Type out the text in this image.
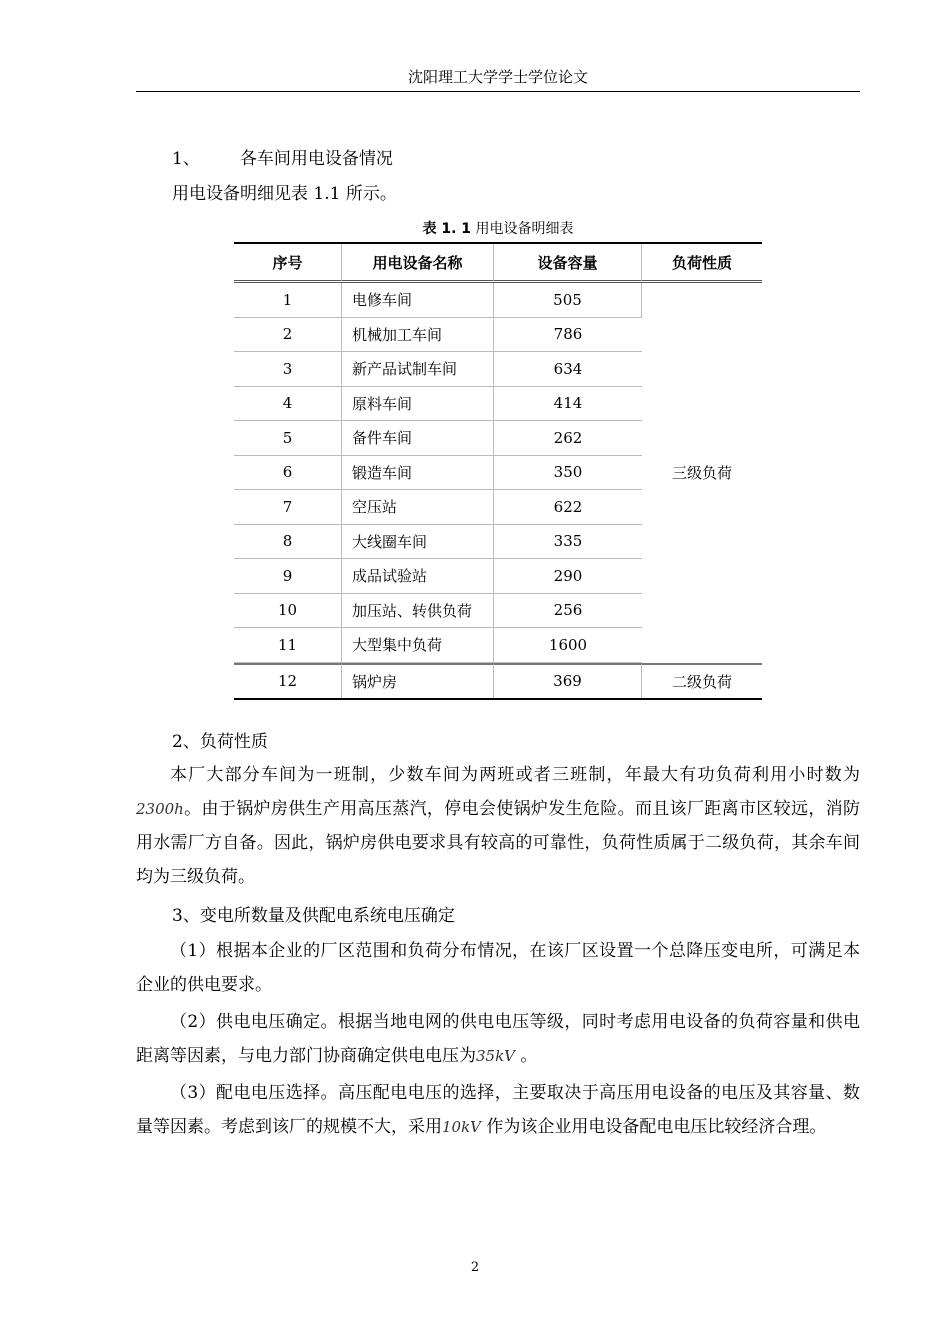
沈阳理工大学学士学位论文
1、 各车间用电设备情况
用电设备明细见表 1.1 所示。
表 1. 1 用电设备明细表
序号	用电设备名称	设备容量	负荷性质
1	电修车间	505	三级负荷
2	机械加工车间	786	
3	新产品试制车间	634	
4	原料车间	414	
5	备件车间	262	
6	锻造车间	350	
7	空压站	622	
8	大线圈车间	335	
9	成品试验站	290	
10	加压站、转供负荷	256	
11	大型集中负荷	1600	
12	锅炉房	369	二级负荷
2、负荷性质
本厂大部分车间为一班制，少数车间为两班或者三班制，年最大有功负荷利用小时数为2300h。由于锅炉房供生产用高压蒸汽，停电会使锅炉发生危险。而且该厂距离市区较远，消防用水需厂方自备。因此，锅炉房供电要求具有较高的可靠性，负荷性质属于二级负荷，其余车间均为三级负荷。
3、变电所数量及供配电系统电压确定
（1）根据本企业的厂区范围和负荷分布情况，在该厂区设置一个总降压变电所，可满足本企业的供电要求。
（2）供电电压确定。根据当地电网的供电电压等级，同时考虑用电设备的负荷容量和供电距离等因素，与电力部门协商确定供电电压为35kV 。
（3）配电电压选择。高压配电电压的选择，主要取决于高压用电设备的电压及其容量、数量等因素。考虑到该厂的规模不大，采用10kV 作为该企业用电设备配电电压比较经济合理。
2
